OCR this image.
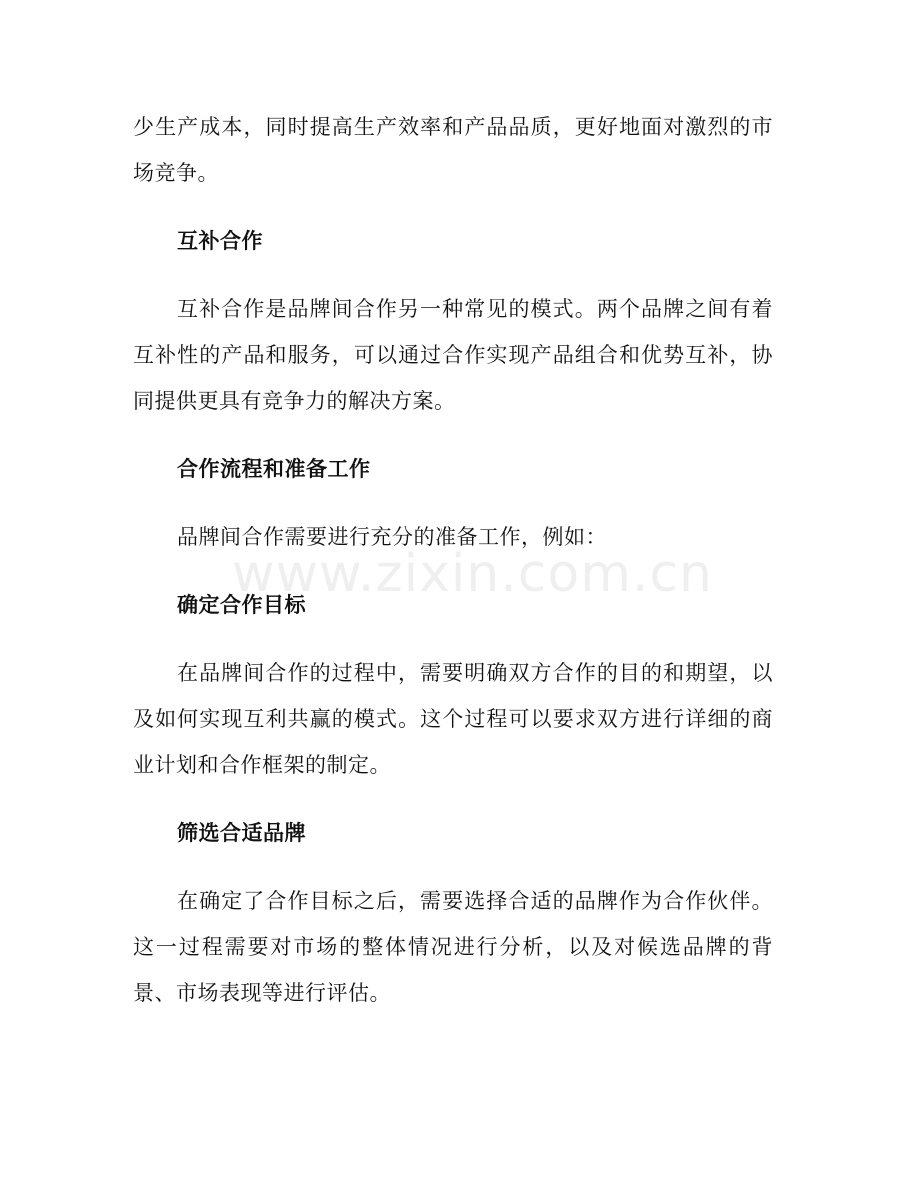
www.zixin.com.cn

少生产成本，同时提高生产效率和产品品质，更好地面对激烈的市场竞争。

互补合作

互补合作是品牌间合作另一种常见的模式。两个品牌之间有着互补性的产品和服务，可以通过合作实现产品组合和优势互补，协同提供更具有竞争力的解决方案。

合作流程和准备工作

品牌间合作需要进行充分的准备工作，例如：

确定合作目标

在品牌间合作的过程中，需要明确双方合作的目的和期望，以及如何实现互利共赢的模式。这个过程可以要求双方进行详细的商业计划和合作框架的制定。

筛选合适品牌

在确定了合作目标之后，需要选择合适的品牌作为合作伙伴。这一过程需要对市场的整体情况进行分析，以及对候选品牌的背景、市场表现等进行评估。
